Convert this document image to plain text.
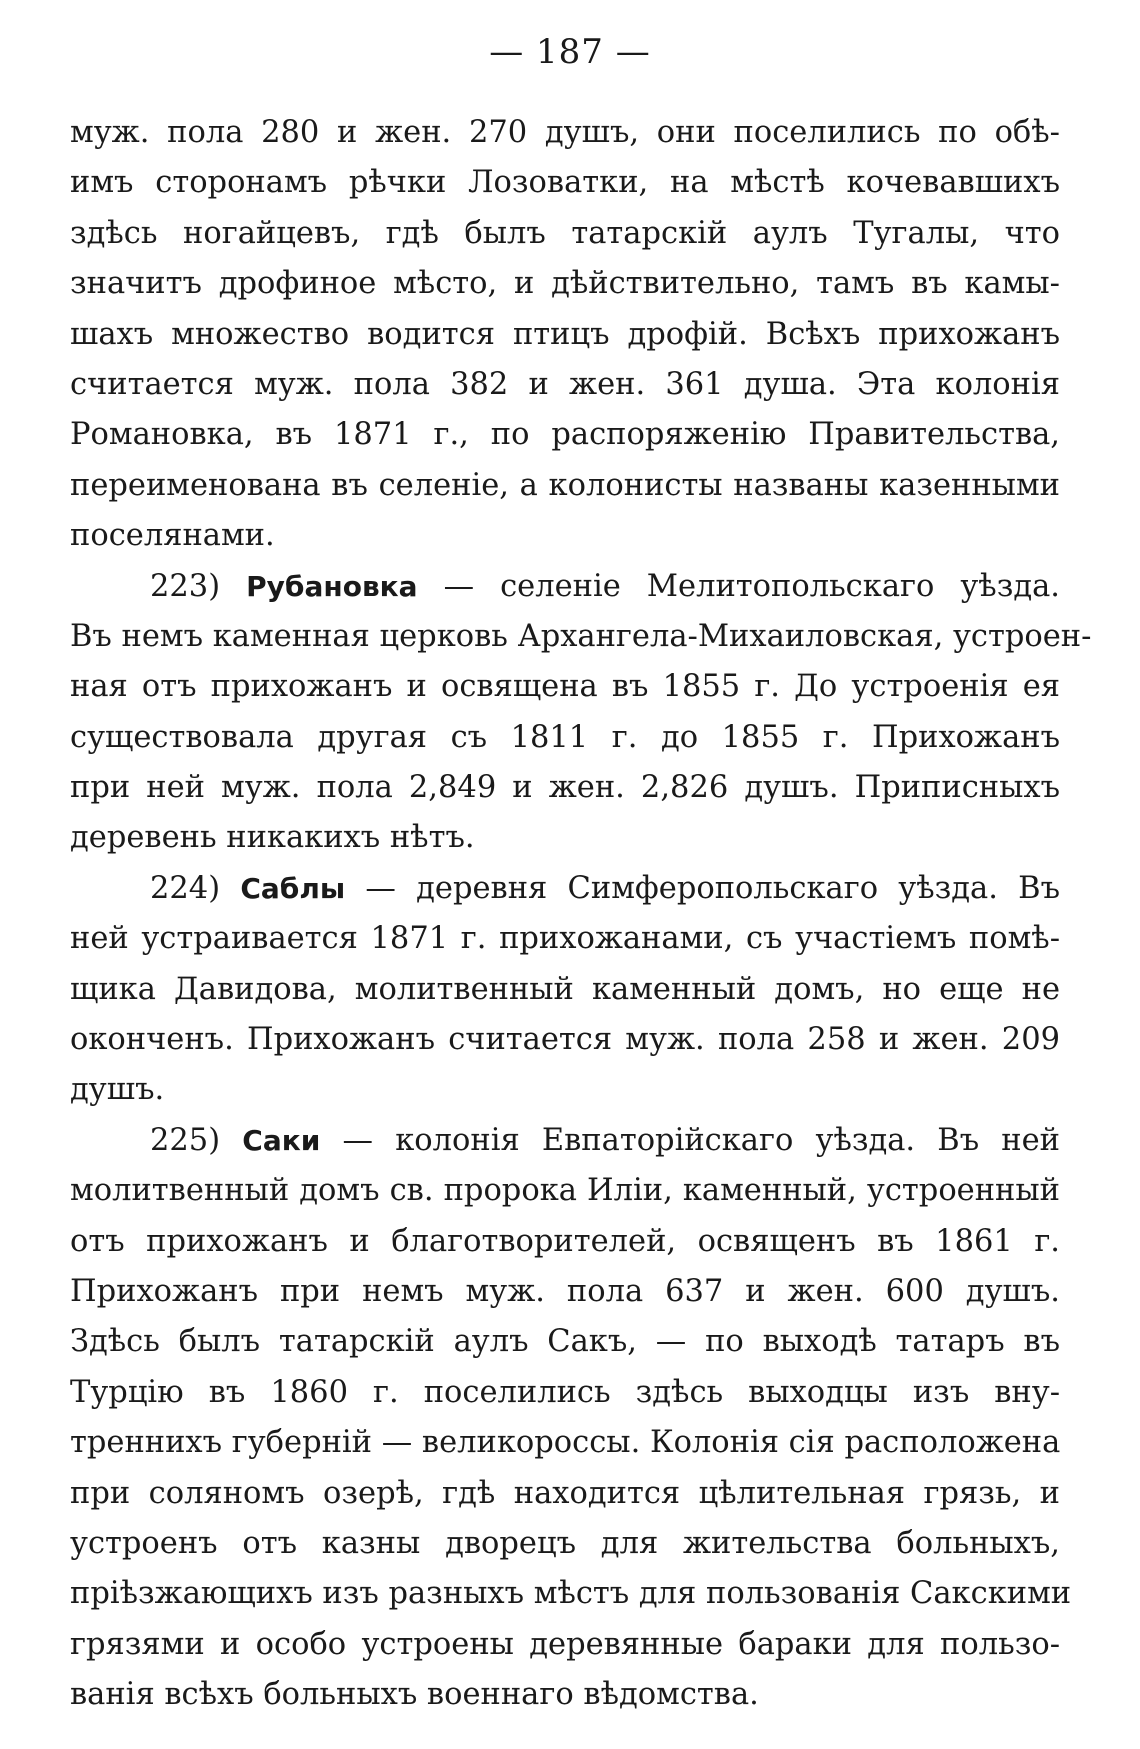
— 187 —
муж. пола 280 и жен. 270 душъ, они поселились по обѣ-
имъ сторонамъ рѣчки Лозоватки, на мѣстѣ кочевавшихъ
здѣсь ногайцевъ, гдѣ былъ татарскій аулъ Тугалы, что
значитъ дрофиное мѣсто, и дѣйствительно, тамъ въ камы-
шахъ множество водится птицъ дрофій. Всѣхъ прихожанъ
считается муж. пола 382 и жен. 361 душа. Эта колонія
Романовка, въ 1871 г., по распоряженію Правительства,
переименована въ селеніе, а колонисты названы казенными
поселянами.
223) Рубановка — селеніе Мелитопольскаго уѣзда.
Въ немъ каменная церковь Архангела-Михаиловская, устроен-
ная отъ прихожанъ и освящена въ 1855 г. До устроенія ея
существовала другая съ 1811 г. до 1855 г. Прихожанъ
при ней муж. пола 2,849 и жен. 2,826 душъ. Приписныхъ
деревень никакихъ нѣтъ.
224) Саблы — деревня Симферопольскаго уѣзда. Въ
ней устраивается 1871 г. прихожанами, съ участіемъ помѣ-
щика Давидова, молитвенный каменный домъ, но еще не
оконченъ. Прихожанъ считается муж. пола 258 и жен. 209
душъ.
225) Саки — колонія Евпаторійскаго уѣзда. Въ ней
молитвенный домъ св. пророка Иліи, каменный, устроенный
отъ прихожанъ и благотворителей, освященъ въ 1861 г.
Прихожанъ при немъ муж. пола 637 и жен. 600 душъ.
Здѣсь былъ татарскій аулъ Сакъ, — по выходѣ татаръ въ
Турцію въ 1860 г. поселились здѣсь выходцы изъ вну-
треннихъ губерній — великороссы. Колонія сія расположена
при соляномъ озерѣ, гдѣ находится цѣлительная грязь, и
устроенъ отъ казны дворецъ для жительства больныхъ,
пріѣзжающихъ изъ разныхъ мѣстъ для пользованія Сакскими
грязями и особо устроены деревянные бараки для пользо-
ванія всѣхъ больныхъ военнаго вѣдомства.
